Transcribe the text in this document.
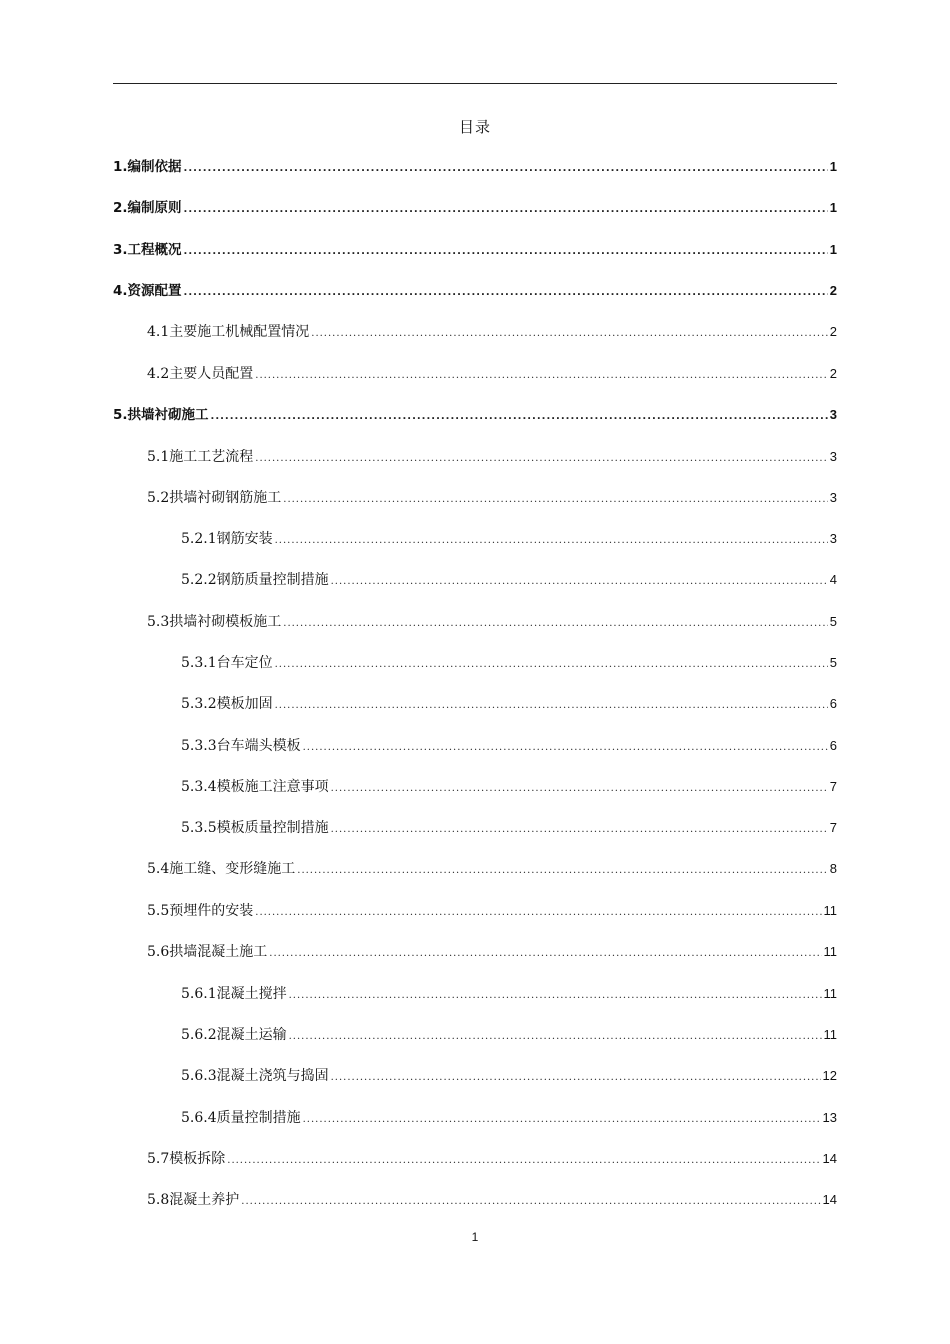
目录
1.编制依据 .....	1
2.编制原则 .....	1
3.工程概况 .....	1
4.资源配置 .....	2
4.1主要施工机械配置情况 .....	2
4.2主要人员配置 .....	2
5.拱墙衬砌施工 .....	3
5.1施工工艺流程 .....	3
5.2拱墙衬砌钢筋施工 .....	3
5.2.1钢筋安装 .....	3
5.2.2钢筋质量控制措施 .....	4
5.3拱墙衬砌模板施工 .....	5
5.3.1台车定位 .....	5
5.3.2模板加固 .....	6
5.3.3台车端头模板 .....	6
5.3.4模板施工注意事项 .....	7
5.3.5模板质量控制措施 .....	7
5.4施工缝、变形缝施工 .....	8
5.5预埋件的安装 .....	11
5.6拱墙混凝土施工 .....	11
5.6.1混凝土搅拌 .....	11
5.6.2混凝土运输 .....	11
5.6.3混凝土浇筑与捣固 .....	12
5.6.4质量控制措施 .....	13
5.7模板拆除 .....	14
5.8混凝土养护 .....	14
1
